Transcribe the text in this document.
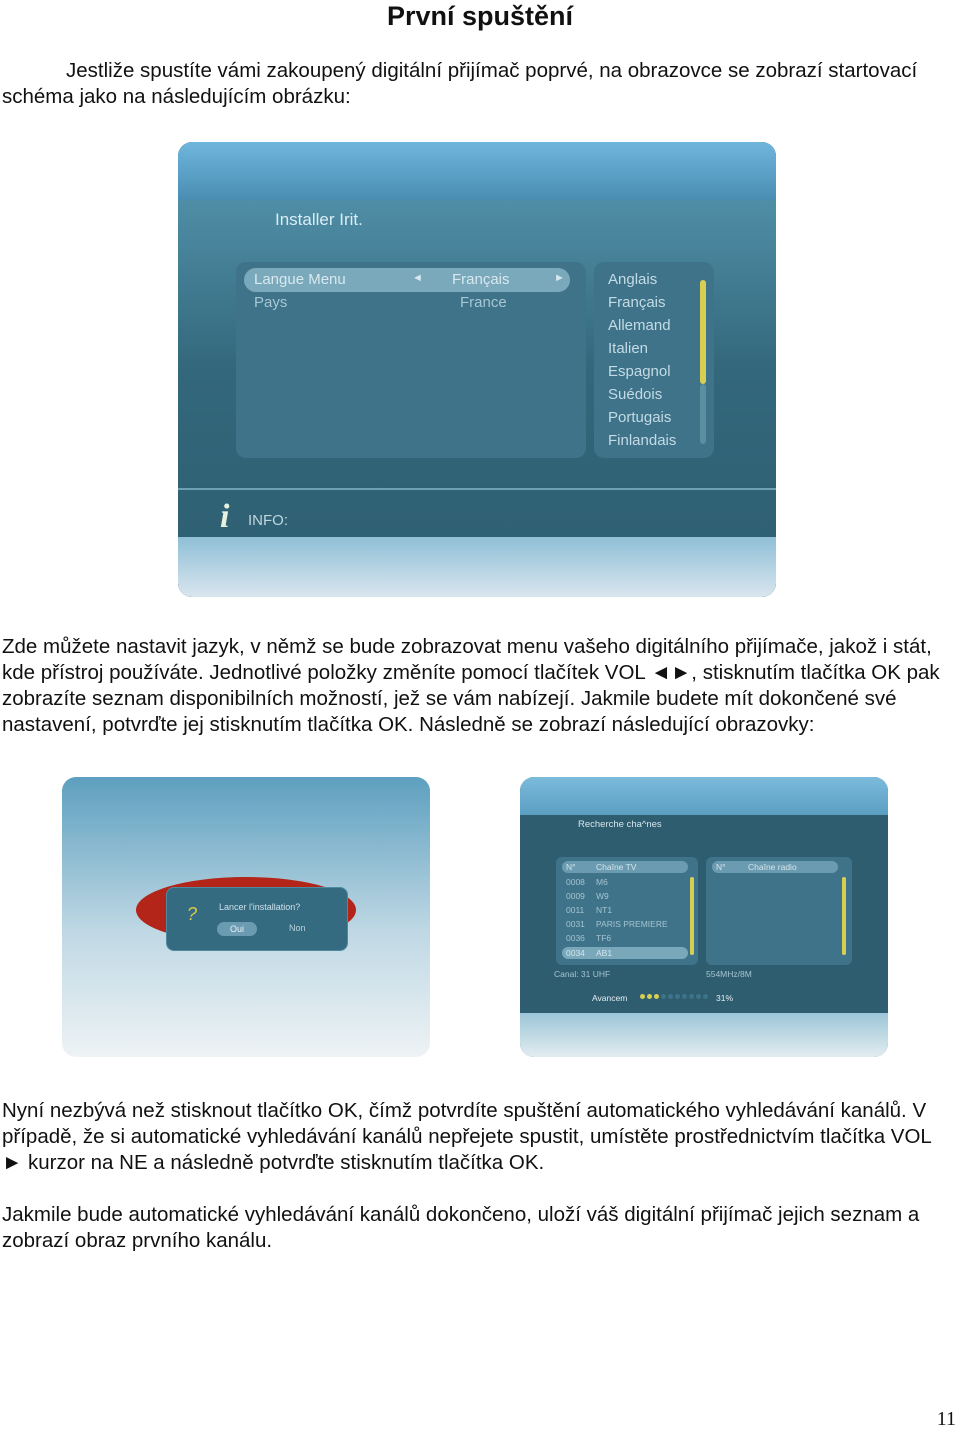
První spuštění

Jestliže spustíte vámi zakoupený digitální přijímač poprvé, na obrazovce se zobrazí startovací schéma jako na následujícím obrázku:

Installer Irit.
Langue Menu	◄ Français	►
Pays	France
Anglais
Français
Allemand
Italien
Espagnol
Suédois
Portugais
Finlandais
i INFO:

Zde můžete nastavit jazyk, v němž se bude zobrazovat menu vašeho digitálního přijímače, jakož i stát, kde přístroj používáte. Jednotlivé položky změníte pomocí tlačítek VOL ◄►, stisknutím tlačítka OK pak zobrazíte seznam disponibilních možností, jež se vám nabízejí. Jakmile budete mít dokončené své nastavení, potvrďte jej stisknutím tlačítka OK. Následně se zobrazí následující obrazovky:

? Lancer l'installation?
Oui	Non
Recherche cha^nes
N° Chaîne TV
0008 M6
0009 W9
0011 NT1
0031 PARIS PREMIERE
0036 TF6
0034 AB1
N°	Chaîne radio
Canal: 31 UHF	554MHz/8M
Avancem	31%

Nyní nezbývá než stisknout tlačítko OK, čímž potvrdíte spuštění automatického vyhledávání kanálů. V případě, že si automatické vyhledávání kanálů nepřejete spustit, umístěte prostřednictvím tlačítka VOL ► kurzor na NE a následně potvrďte stisknutím tlačítka OK.

Jakmile bude automatické vyhledávání kanálů dokončeno, uloží váš digitální přijímač jejich seznam a zobrazí obraz prvního kanálu.

11
